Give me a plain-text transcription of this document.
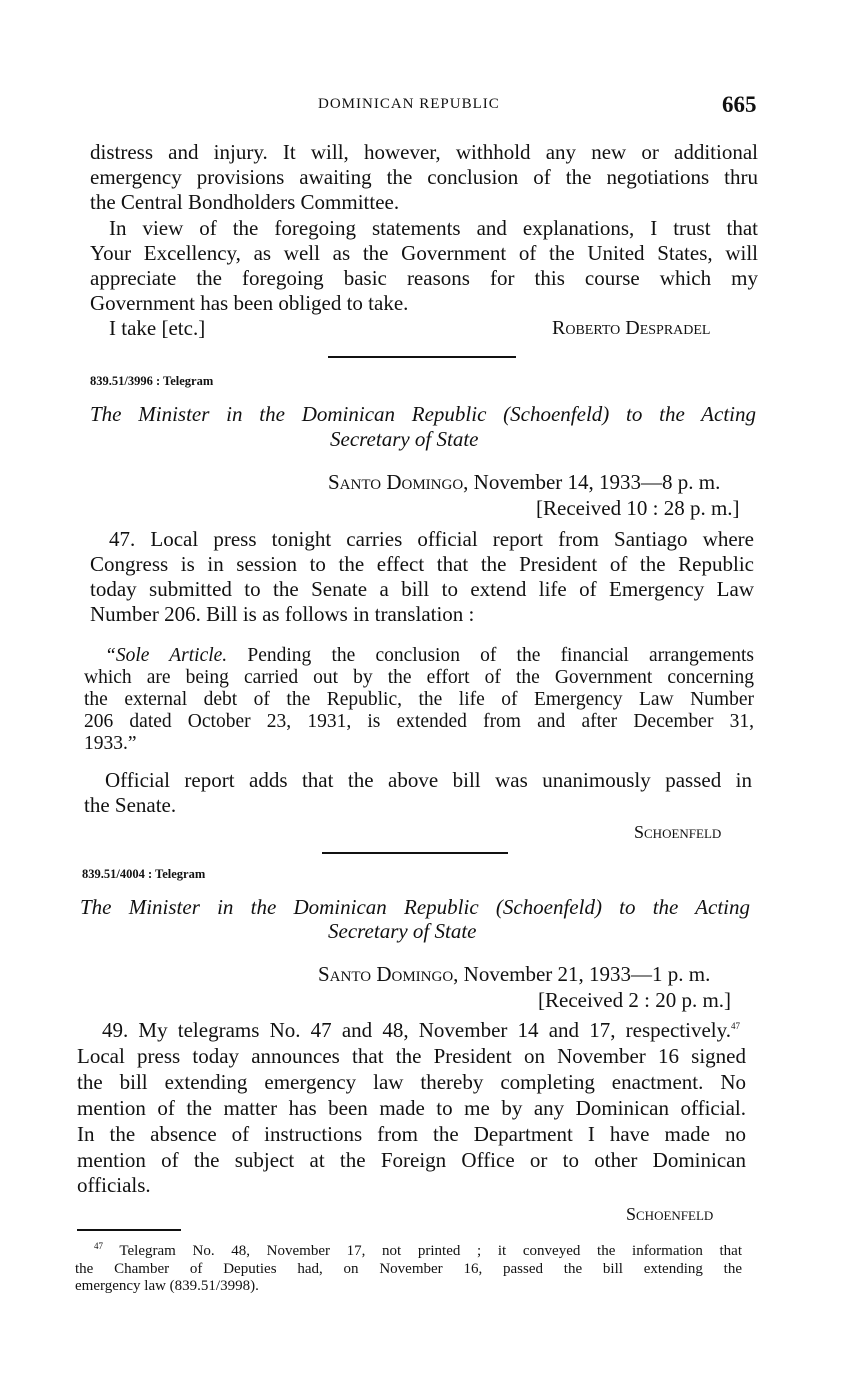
DOMINICAN REPUBLIC	665
distress and injury. It will, however, withhold any new or additional
emergency provisions awaiting the conclusion of the negotiations thru
the Central Bondholders Committee.
In view of the foregoing statements and explanations, I trust that
Your Excellency, as well as the Government of the United States, will
appreciate the foregoing basic reasons for this course which my
Government has been obliged to take.
I take [etc.]	Roberto Despradel
839.51/3996 : Telegram
The Minister in the Dominican Republic (Schoenfeld) to the Acting
Secretary of State
Santo Domingo, November 14, 1933—8 p. m.
[Received 10 : 28 p. m.]
47. Local press tonight carries official report from Santiago where
Congress is in session to the effect that the President of the Republic
today submitted to the Senate a bill to extend life of Emergency Law
Number 206. Bill is as follows in translation :
“Sole Article. Pending the conclusion of the financial arrangements
which are being carried out by the effort of the Government concerning
the external debt of the Republic, the life of Emergency Law Number
206 dated October 23, 1931, is extended from and after December 31,
1933.”
Official report adds that the above bill was unanimously passed in
the Senate.
Schoenfeld
839.51/4004 : Telegram
The Minister in the Dominican Republic (Schoenfeld) to the Acting
Secretary of State
Santo Domingo, November 21, 1933—1 p. m.
[Received 2 : 20 p. m.]
49. My telegrams No. 47 and 48, November 14 and 17, respectively.$^{47}$
Local press today announces that the President on November 16 signed
the bill extending emergency law thereby completing enactment. No
mention of the matter has been made to me by any Dominican official.
In the absence of instructions from the Department I have made no
mention of the subject at the Foreign Office or to other Dominican
officials.
Schoenfeld
$^{47}$ Telegram No. 48, November 17, not printed ; it conveyed the information that
the Chamber of Deputies had, on November 16, passed the bill extending the
emergency law (839.51/3998).
